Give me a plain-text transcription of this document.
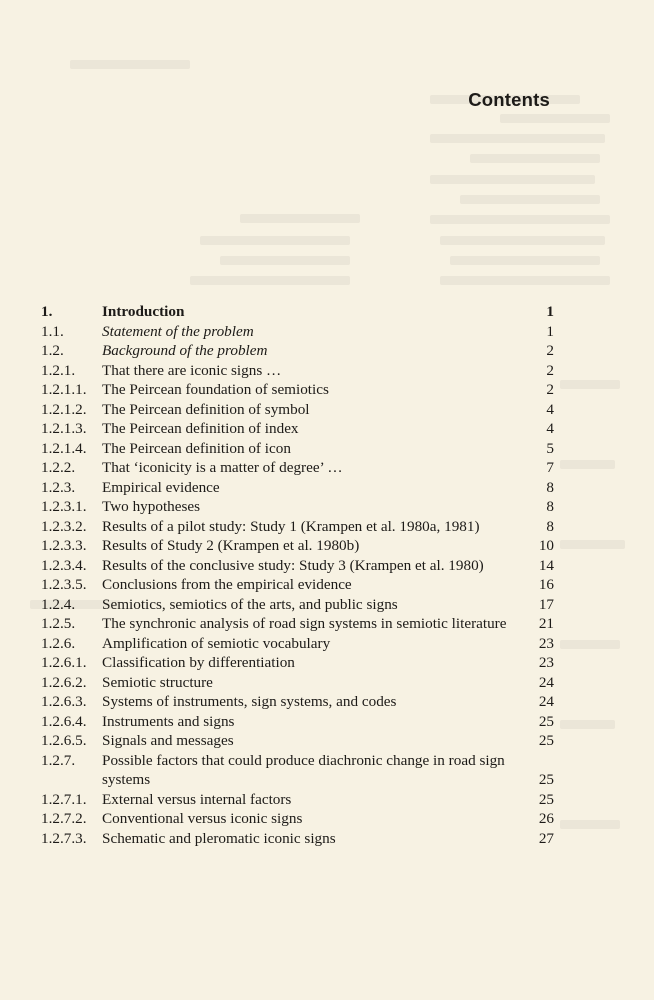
Contents
1.	Introduction	1
1.1.	Statement of the problem	1
1.2.	Background of the problem	2
1.2.1. That there are iconic signs …	2
1.2.1.1. The Peircean foundation of semiotics	2
1.2.1.2. The Peircean definition of symbol	4
1.2.1.3. The Peircean definition of index	4
1.2.1.4. The Peircean definition of icon	5
1.2.2. That ‘iconicity is a matter of degree’ …	7
1.2.3. Empirical evidence	8
1.2.3.1. Two hypotheses	8
1.2.3.2. Results of a pilot study: Study 1 (Krampen et al. 1980a, 1981)	8
1.2.3.3. Results of Study 2 (Krampen et al. 1980b)	10
1.2.3.4. Results of the conclusive study: Study 3 (Krampen et al. 1980)	14
1.2.3.5. Conclusions from the empirical evidence	16
1.2.4. Semiotics, semiotics of the arts, and public signs	17
1.2.5. The synchronic analysis of road sign systems in semiotic literature	21
1.2.6. Amplification of semiotic vocabulary	23
1.2.6.1. Classification by differentiation	23
1.2.6.2. Semiotic structure	24
1.2.6.3. Systems of instruments, sign systems, and codes	24
1.2.6.4. Instruments and signs	25
1.2.6.5. Signals and messages	25
1.2.7. Possible factors that could produce diachronic change in road sign systems	25
1.2.7.1. External versus internal factors	25
1.2.7.2. Conventional versus iconic signs	26
1.2.7.3. Schematic and pleromatic iconic signs	27
